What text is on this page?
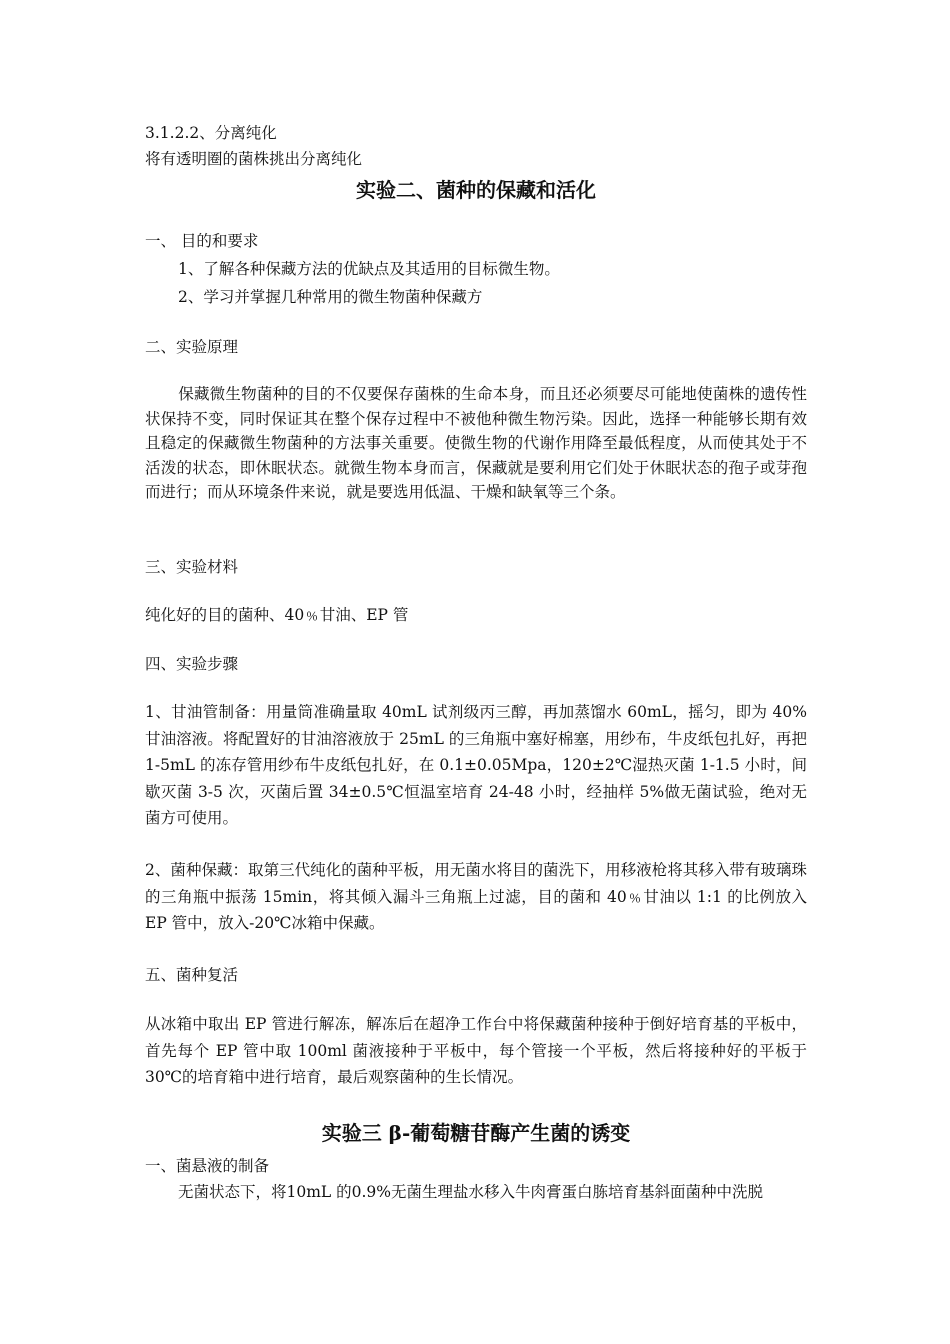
3.1.2.2、分离纯化

将有透明圈的菌株挑出分离纯化

实验二、菌种的保藏和活化

一、 目的和要求

1、了解各种保藏方法的优缺点及其适用的目标微生物。

2、学习并掌握几种常用的微生物菌种保藏方

二、实验原理

保藏微生物菌种的目的不仅要保存菌株的生命本身，而且还必须要尽可能地使菌株的遗传性状保持不变，同时保证其在整个保存过程中不被他种微生物污染。因此，选择一种能够长期有效且稳定的保藏微生物菌种的方法事关重要。使微生物的代谢作用降至最低程度，从而使其处于不活泼的状态，即休眠状态。就微生物本身而言，保藏就是要利用它们处于休眠状态的孢子或芽孢而进行；而从环境条件来说，就是要选用低温、干燥和缺氧等三个条。

三、实验材料

纯化好的目的菌种、40﹪甘油、EP 管

四、实验步骤

1、甘油管制备：用量筒准确量取 40mL 试剂级丙三醇，再加蒸馏水 60mL，摇匀，即为 40%甘油溶液。将配置好的甘油溶液放于 25mL 的三角瓶中塞好棉塞，用纱布，牛皮纸包扎好，再把 1-5mL 的冻存管用纱布牛皮纸包扎好，在 0.1±0.05Mpa，120±2℃湿热灭菌 1-1.5 小时，间歇灭菌 3-5 次，灭菌后置 34±0.5℃恒温室培育 24-48 小时，经抽样 5%做无菌试验，绝对无菌方可使用。

2、菌种保藏：取第三代纯化的菌种平板，用无菌水将目的菌洗下，用移液枪将其移入带有玻璃珠的三角瓶中振荡 15min，将其倾入漏斗三角瓶上过滤，目的菌和 40﹪甘油以 1:1 的比例放入 EP 管中，放入-20℃冰箱中保藏。

五、菌种复活

从冰箱中取出 EP 管进行解冻，解冻后在超净工作台中将保藏菌种接种于倒好培育基的平板中，首先每个 EP 管中取 100ml 菌液接种于平板中，每个管接一个平板，然后将接种好的平板于 30℃的培育箱中进行培育，最后观察菌种的生长情况。

实验三 β-葡萄糖苷酶产生菌的诱变

一、菌悬液的制备

无菌状态下，将10mL 的0.9%无菌生理盐水移入牛肉膏蛋白胨培育基斜面菌种中洗脱
